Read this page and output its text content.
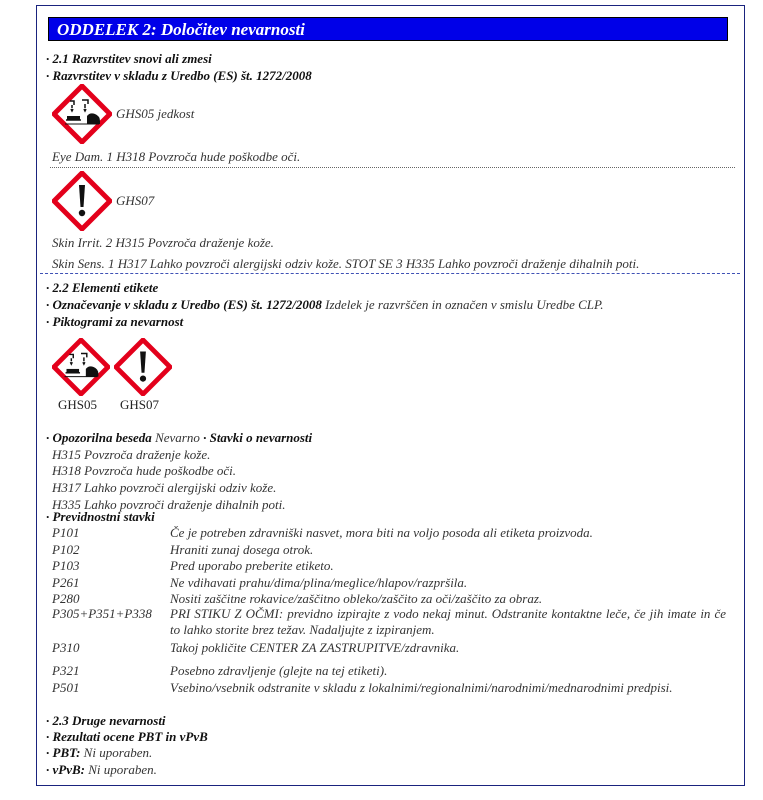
ODDELEK 2: Določitev nevarnosti
· 2.1 Razvrstitev snovi ali zmesi
· Razvrstitev v skladu z Uredbo (ES) št. 1272/2008
GHS05 jedkost
Eye Dam. 1 H318 Povzroča hude poškodbe oči.
GHS07
Skin Irrit. 2 H315 Povzroča draženje kože.
Skin Sens. 1 H317 Lahko povzroči alergijski odziv kože. STOT SE 3 H335 Lahko povzroči draženje dihalnih poti.
· 2.2 Elementi etikete
· Označevanje v skladu z Uredbo (ES) št. 1272/2008 Izdelek je razvrščen in označen v smislu Uredbe CLP.
· Piktogrami za nevarnost
GHS05 GHS07
· Opozorilna beseda Nevarno · Stavki o nevarnosti
H315 Povzroča draženje kože.
H318 Povzroča hude poškodbe oči.
H317 Lahko povzroči alergijski odziv kože.
H335 Lahko povzroči draženje dihalnih poti.
· Previdnostni stavki
P101	Če je potreben zdravniški nasvet, mora biti na voljo posoda ali etiketa proizvoda.
P102	Hraniti zunaj dosega otrok.
P103	Pred uporabo preberite etiketo.
P261	Ne vdihavati prahu/dima/plina/meglice/hlapov/razpršila.
P280	Nositi zaščitne rokavice/zaščitno obleko/zaščito za oči/zaščito za obraz.
P305+P351+P338 PRI STIKU Z OČMI: previdno izpirajte z vodo nekaj minut. Odstranite kontaktne leče, če jih imate in če to lahko storite brez težav. Nadaljujte z izpiranjem.
P310	Takoj pokličite CENTER ZA ZASTRUPITVE/zdravnika.
P321	Posebno zdravljenje (glejte na tej etiketi).
P501	Vsebino/vsebnik odstranite v skladu z lokalnimi/regionalnimi/narodnimi/mednarodnimi predpisi.
· 2.3 Druge nevarnosti
· Rezultati ocene PBT in vPvB
· PBT: Ni uporaben.
· vPvB: Ni uporaben.
